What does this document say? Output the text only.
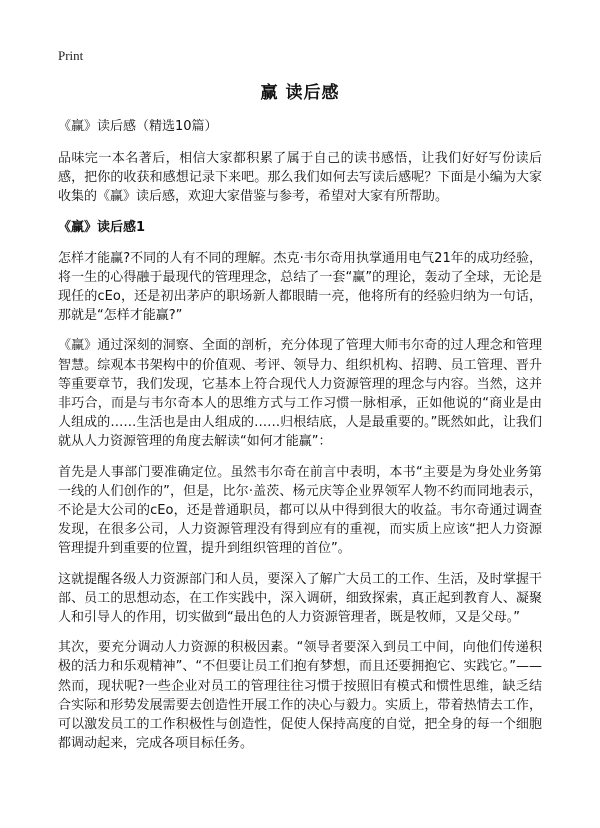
Print
赢 读后感
《赢》读后感（精选10篇）

品味完一本名著后，相信大家都积累了属于自己的读书感悟，让我们好好写份读后感，把你的收获和感想记录下来吧。那么我们如何去写读后感呢？下面是小编为大家收集的《赢》读后感，欢迎大家借鉴与参考，希望对大家有所帮助。

《赢》读后感1

怎样才能赢?不同的人有不同的理解。杰克·韦尔奇用执掌通用电气21年的成功经验，将一生的心得融于最现代的管理理念，总结了一套“赢”的理论，轰动了全球，无论是现任的cEo，还是初出茅庐的职场新人都眼睛一亮，他将所有的经验归纳为一句话，那就是“怎样才能赢?”

《赢》通过深刻的洞察、全面的剖析，充分体现了管理大师韦尔奇的过人理念和管理智慧。综观本书架构中的价值观、考评、领导力、组织机构、招聘、员工管理、晋升等重要章节，我们发现，它基本上符合现代人力资源管理的理念与内容。当然，这并非巧合，而是与韦尔奇本人的思维方式与工作习惯一脉相承，正如他说的“商业是由人组成的……生活也是由人组成的……归根结底，人是最重要的。”既然如此，让我们就从人力资源管理的角度去解读“如何才能赢”：

首先是人事部门要准确定位。虽然韦尔奇在前言中表明，本书“主要是为身处业务第一线的人们创作的”，但是，比尔·盖茨、杨元庆等企业界领军人物不约而同地表示，不论是大公司的cEo，还是普通职员，都可以从中得到很大的收益。韦尔奇通过调查发现，在很多公司，人力资源管理没有得到应有的重视，而实质上应该“把人力资源管理提升到重要的位置，提升到组织管理的首位”。

这就提醒各级人力资源部门和人员，要深入了解广大员工的工作、生活，及时掌握干部、员工的思想动态，在工作实践中，深入调研，细致探索，真正起到教育人、凝聚人和引导人的作用，切实做到“最出色的人力资源管理者，既是牧师，又是父母。”

其次，要充分调动人力资源的积极因素。“领导者要深入到员工中间，向他们传递积极的活力和乐观精神”、“不但要让员工们抱有梦想，而且还要拥抱它、实践它。”——然而，现状呢?一些企业对员工的管理往往习惯于按照旧有模式和惯性思维，缺乏结合实际和形势发展需要去创造性开展工作的决心与毅力。实质上，带着热情去工作，可以激发员工的工作积极性与创造性，促使人保持高度的自觉，把全身的每一个细胞都调动起来，完成各项目标任务。
